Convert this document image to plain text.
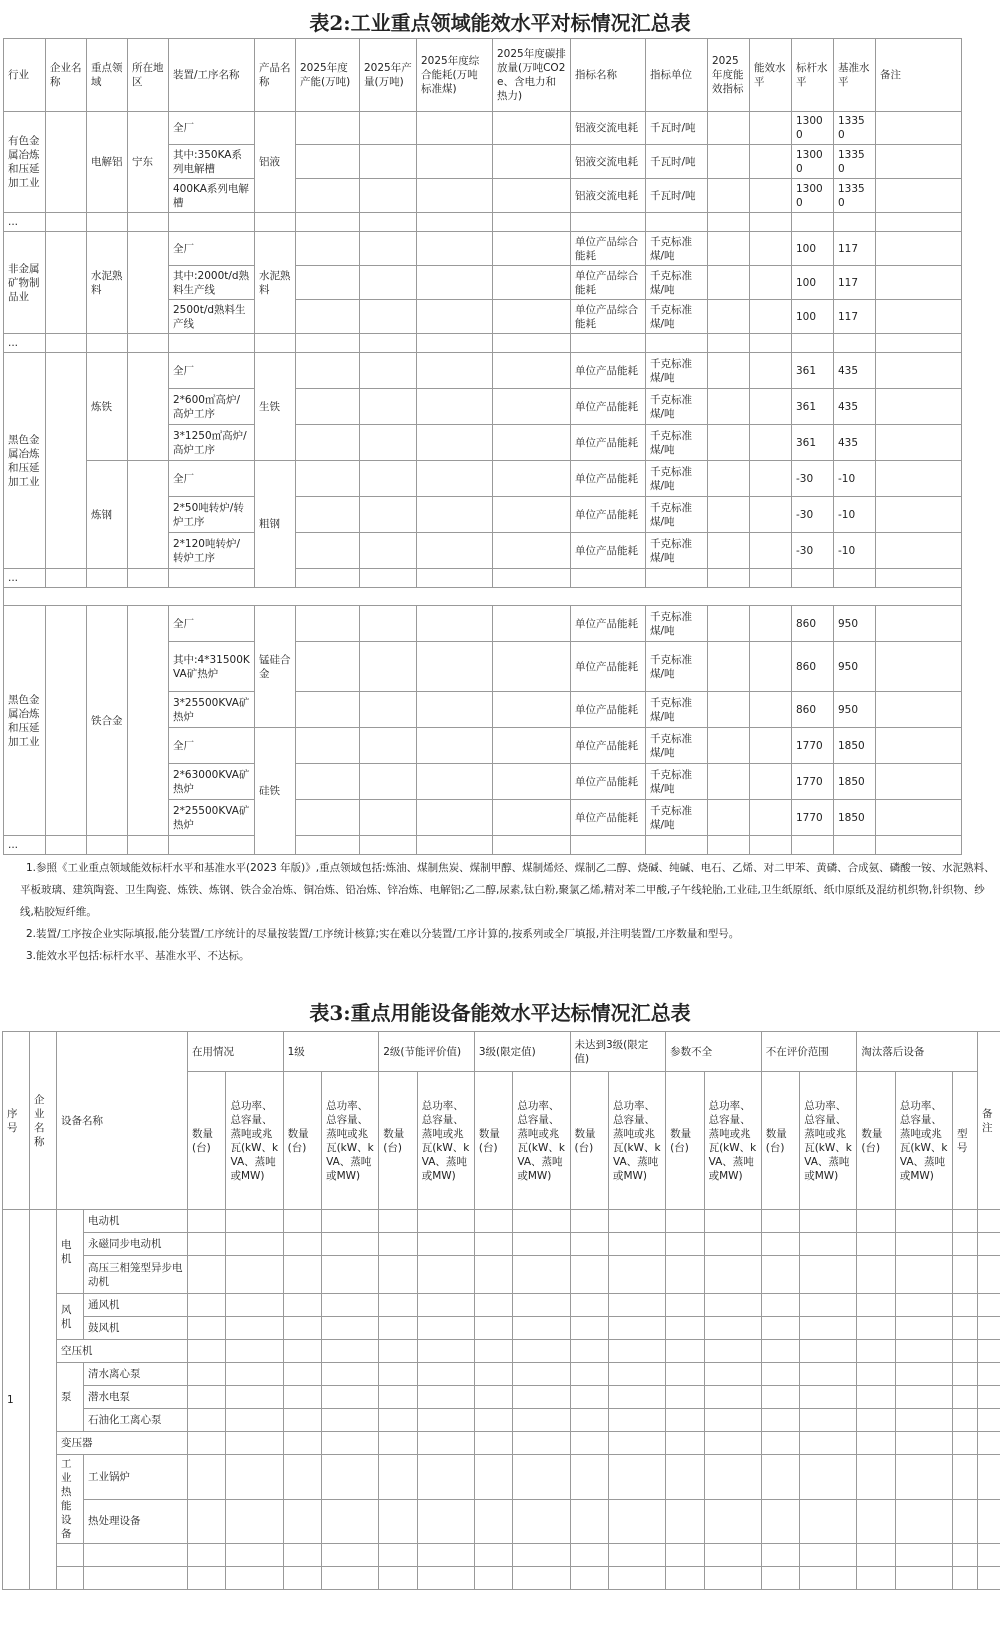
表2:工业重点领域能效水平对标情况汇总表
行业	企业名称	重点领域	所在地区	装置/工序名称	产品名称	2025年度产能(万吨)	2025年产量(万吨)	2025年度综合能耗(万吨标准煤)	2025年度碳排放量(万吨CO2e、含电力和热力)	指标名称	指标单位	2025年度能效指标	能效水平	标杆水平	基准水平	备注
有色金属冶炼和压延加工业		电解铝	宁东	全厂	铝液					铝液交流电耗	千瓦时/吨			13000	13350	
				其中:350KA系列电解槽						铝液交流电耗	千瓦时/吨			13000	13350	
				400KA系列电解槽						铝液交流电耗	千瓦时/吨			13000	13350	
...																
非金属矿物制品业		水泥熟料		全厂	水泥熟料					单位产品综合能耗	千克标准煤/吨			100	117	
				其中:2000t/d熟料生产线						单位产品综合能耗	千克标准煤/吨			100	117	
				2500t/d熟料生产线						单位产品综合能耗	千克标准煤/吨			100	117	
...																
黑色金属冶炼和压延加工业		炼铁		全厂	生铁					单位产品能耗	千克标准煤/吨			361	435	
				2*600㎥高炉/高炉工序						单位产品能耗	千克标准煤/吨			361	435	
				3*1250㎥高炉/高炉工序						单位产品能耗	千克标准煤/吨			361	435	
		炼钢		全厂	粗钢					单位产品能耗	千克标准煤/吨			-30	-10	
				2*50吨转炉/转炉工序						单位产品能耗	千克标准煤/吨			-30	-10	
				2*120吨转炉/转炉工序						单位产品能耗	千克标准煤/吨			-30	-10	
...																

黑色金属冶炼和压延加工业		铁合金		全厂	锰硅合金					单位产品能耗	千克标准煤/吨			860	950	
				其中:4*31500KVA矿热炉						单位产品能耗	千克标准煤/吨			860	950	
				3*25500KVA矿热炉						单位产品能耗	千克标准煤/吨			860	950	
				全厂	硅铁					单位产品能耗	千克标准煤/吨			1770	1850	
				2*63000KVA矿热炉						单位产品能耗	千克标准煤/吨			1770	1850	
				2*25500KVA矿热炉						单位产品能耗	千克标准煤/吨			1770	1850	
...																

1.参照《工业重点领域能效标杆水平和基准水平(2023 年版)》,重点领域包括:炼油、煤制焦炭、煤制甲醇、煤制烯烃、煤制乙二醇、烧碱、纯碱、电石、乙烯、对二甲苯、黄磷、合成氨、磷酸一铵、水泥熟料、平板玻璃、建筑陶瓷、卫生陶瓷、炼铁、炼钢、铁合金冶炼、铜冶炼、铅冶炼、锌冶炼、电解铝;乙二醇,尿素,钛白粉,聚氯乙烯,精对苯二甲酸,子午线轮胎,工业硅,卫生纸原纸、纸巾原纸及混纺机织物,针织物、纱线,粘胶短纤维。

2.装置/工序按企业实际填报,能分装置/工序统计的尽量按装置/工序统计核算;实在难以分装置/工序计算的,按系列或全厂填报,并注明装置/工序数量和型号。

3.能效水平包括:标杆水平、基准水平、不达标。

表3:重点用能设备能效水平达标情况汇总表
序号	企业名称	设备名称		在用情况		1级		2级(节能评价值)		3级(限定值)		未达到3级(限定值)		参数不全		不在评价范围		淘汰落后设备			备注
				数量(台)	总功率、总容量、蒸吨或兆瓦(kW、kVA、蒸吨或MW)	数量(台)	总功率、总容量、蒸吨或兆瓦(kW、kVA、蒸吨或MW)	数量(台)	总功率、总容量、蒸吨或兆瓦(kW、kVA、蒸吨或MW)	数量(台)	总功率、总容量、蒸吨或兆瓦(kW、kVA、蒸吨或MW)	数量(台)	总功率、总容量、蒸吨或兆瓦(kW、kVA、蒸吨或MW)	数量(台)	总功率、总容量、蒸吨或兆瓦(kW、kVA、蒸吨或MW)	数量(台)	总功率、总容量、蒸吨或兆瓦(kW、kVA、蒸吨或MW)	数量(台)	总功率、总容量、蒸吨或兆瓦(kW、kVA、蒸吨或MW)	型号	
1		电机	电动机																		
			永磁同步电动机																		
			高压三相笼型异步电动机																		
		风机	通风机																		
			鼓风机																		
		空压机																			
		泵	清水离心泵																		
			潜水电泵																		
			石油化工离心泵																		
		变压器																			
		工业热能设备	工业锅炉																		
			热处理设备																		
